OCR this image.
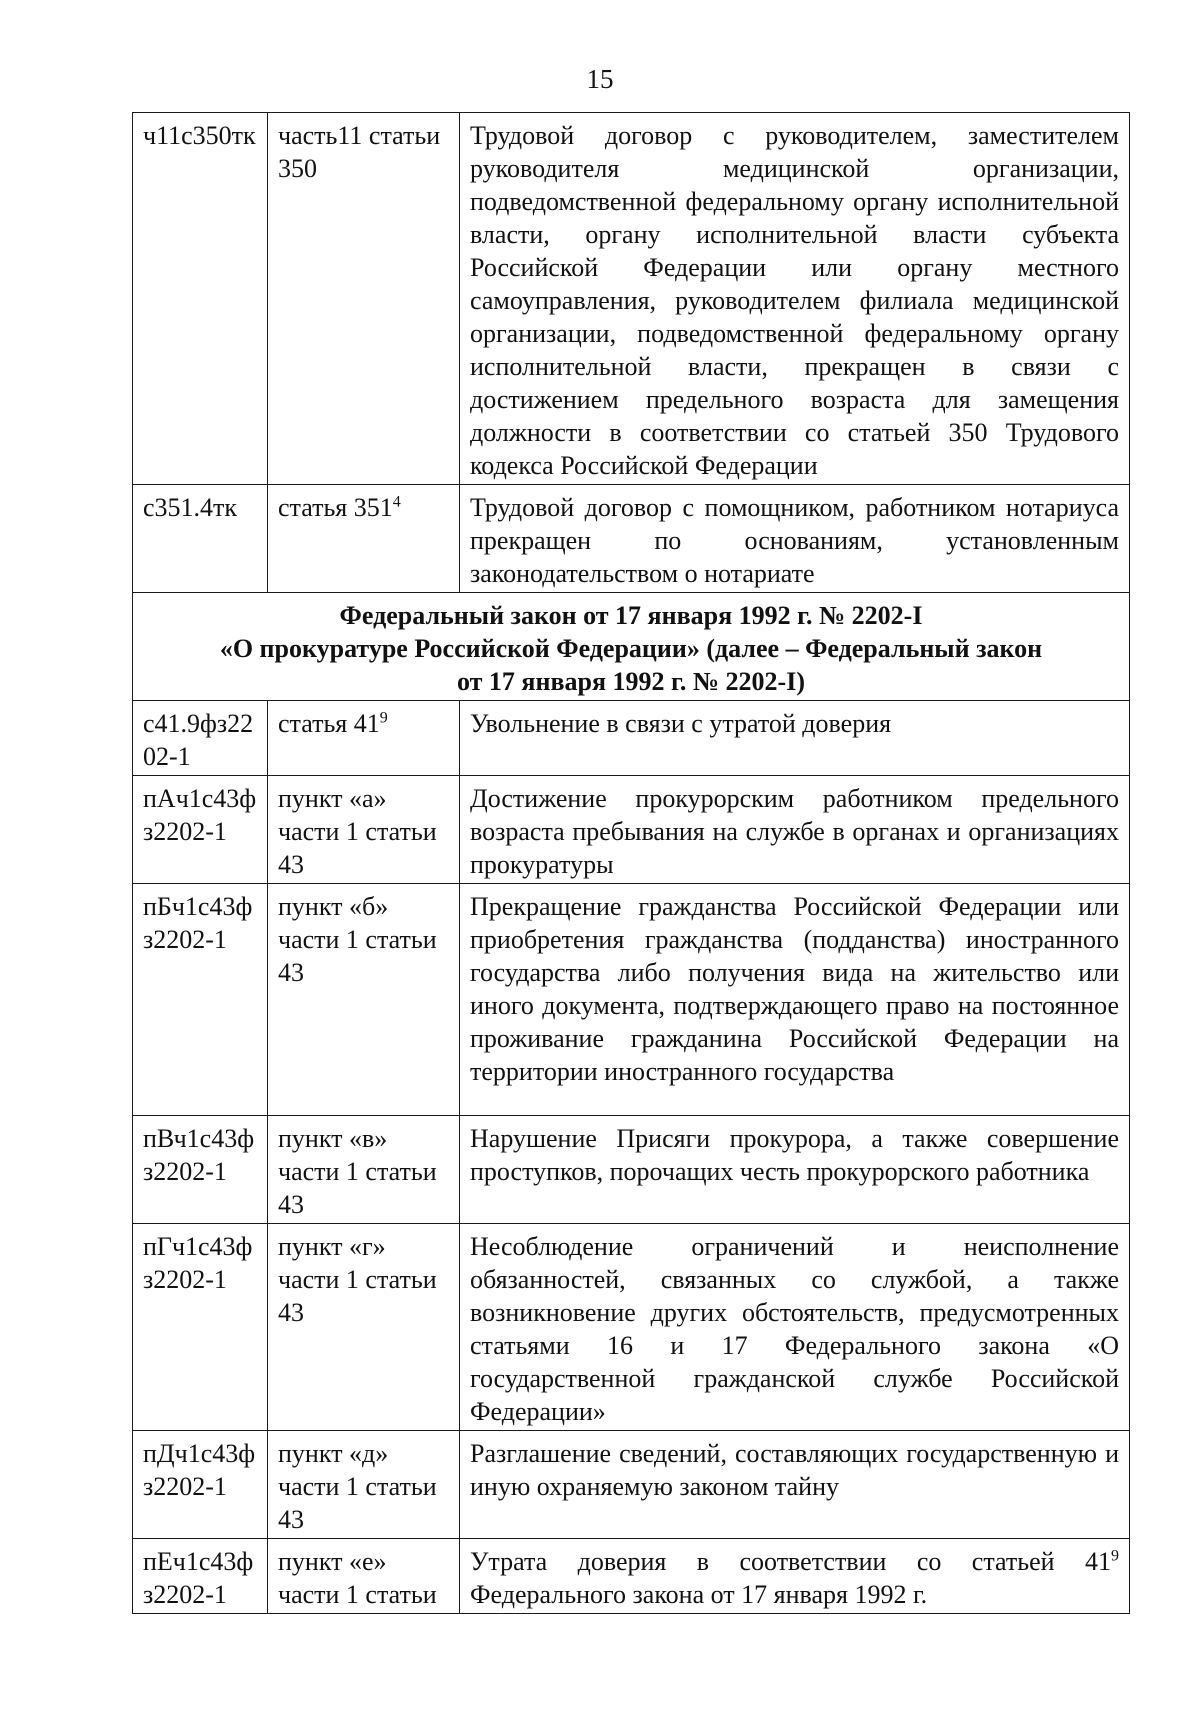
15
ч11с350тк	часть11 статьи 350	Трудовой договор с руководителем, заместителем руководителя медицинской организации, подведомственной федеральному органу исполнительной власти, органу исполнительной власти субъекта Российской Федерации или органу местного самоуправления, руководителем филиала медицинской организации, подведомственной федеральному органу исполнительной власти, прекращен в связи с достижением предельного возраста для замещения должности в соответствии со статьей 350 Трудового кодекса Российской Федерации
с351.4тк	статья $351^4$	Трудовой договор с помощником, работником нотариуса прекращен по основаниям, установленным законодательством о нотариате

Федеральный закон от 17 января 1992 г. № 2202-I
«О прокуратуре Российской Федерации» (далее – Федеральный закон
от 17 января 1992 г. № 2202-I)		

с41.9фз2202-1	статья $41^9$	Увольнение в связи с утратой доверия
пАч1с43фз2202-1	пункт «а» части 1 статьи 43	Достижение прокурорским работником предельного возраста пребывания на службе в органах и организациях прокуратуры
пБч1с43фз2202-1	пункт «б» части 1 статьи 43	Прекращение гражданства Российской Федерации или приобретения гражданства (подданства) иностранного государства либо получения вида на жительство или иного документа, подтверждающего право на постоянное проживание гражданина Российской Федерации на территории иностранного государства
пВч1с43фз2202-1	пункт «в» части 1 статьи 43	Нарушение Присяги прокурора, а также совершение проступков, порочащих честь прокурорского работника
пГч1с43фз2202-1	пункт «г» части 1 статьи 43	Несоблюдение ограничений и неисполнение обязанностей, связанных со службой, а также возникновение других обстоятельств, предусмотренных статьями 16 и 17 Федерального закона «О государственной гражданской службе Российской Федерации»
пДч1с43фз2202-1	пункт «д» части 1 статьи 43	Разглашение сведений, составляющих государственную и иную охраняемую законом тайну
пЕч1с43фз2202-1	пункт «е» части 1 статьи	Утрата доверия в соответствии со статьей $41^9$ Федерального закона от 17 января 1992 г.
